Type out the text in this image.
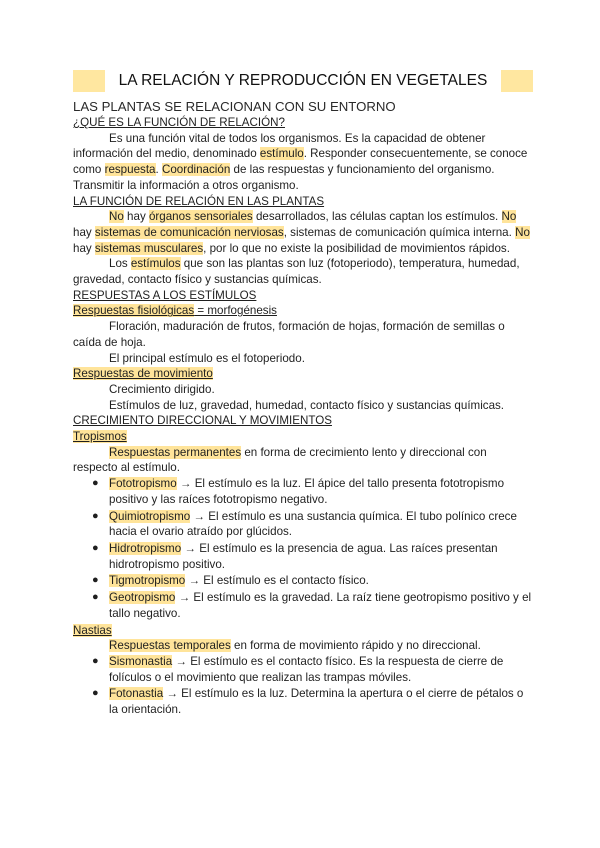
LA RELACIÓN Y REPRODUCCIÓN EN VEGETALES

LAS PLANTAS SE RELACIONAN CON SU ENTORNO

¿QUÉ ES LA FUNCIÓN DE RELACIÓN?

Es una función vital de todos los organismos. Es la capacidad de obtener información del medio, denominado estímulo. Responder consecuentemente, se conoce como respuesta. Coordinación de las respuestas y funcionamiento del organismo. Transmitir la información a otros organismo.

LA FUNCIÓN DE RELACIÓN EN LAS PLANTAS

No hay órganos sensoriales desarrollados, las células captan los estímulos. No hay sistemas de comunicación nerviosas, sistemas de comunicación química interna. No hay sistemas musculares, por lo que no existe la posibilidad de movimientos rápidos.

Los estímulos que son las plantas son luz (fotoperiodo), temperatura, humedad, gravedad, contacto físico y sustancias químicas.

RESPUESTAS A LOS ESTÍMULOS

Respuestas fisiológicas = morfogénesis

Floración, maduración de frutos, formación de hojas, formación de semillas o caída de hoja.

El principal estímulo es el fotoperiodo.

Respuestas de movimiento

Crecimiento dirigido.

Estímulos de luz, gravedad, humedad, contacto físico y sustancias químicas.

CRECIMIENTO DIRECCIONAL Y MOVIMIENTOS

Tropismos

Respuestas permanentes en forma de crecimiento lento y direccional con respecto al estímulo.

● Fototropismo → El estímulo es la luz. El ápice del tallo presenta fototropismo positivo y las raíces fototropismo negativo.
● Quimiotropismo → El estímulo es una sustancia química. El tubo polínico crece hacia el ovario atraído por glúcidos.
● Hidrotropismo → El estímulo es la presencia de agua. Las raíces presentan hidrotropismo positivo.
● Tigmotropismo → El estímulo es el contacto físico.
● Geotropismo → El estímulo es la gravedad. La raíz tiene geotropismo positivo y el tallo negativo.

Nastias

Respuestas temporales en forma de movimiento rápido y no direccional.

● Sismonastia → El estímulo es el contacto físico. Es la respuesta de cierre de folículos o el movimiento que realizan las trampas móviles.
● Fotonastia → El estímulo es la luz. Determina la apertura o el cierre de pétalos o la orientación.
